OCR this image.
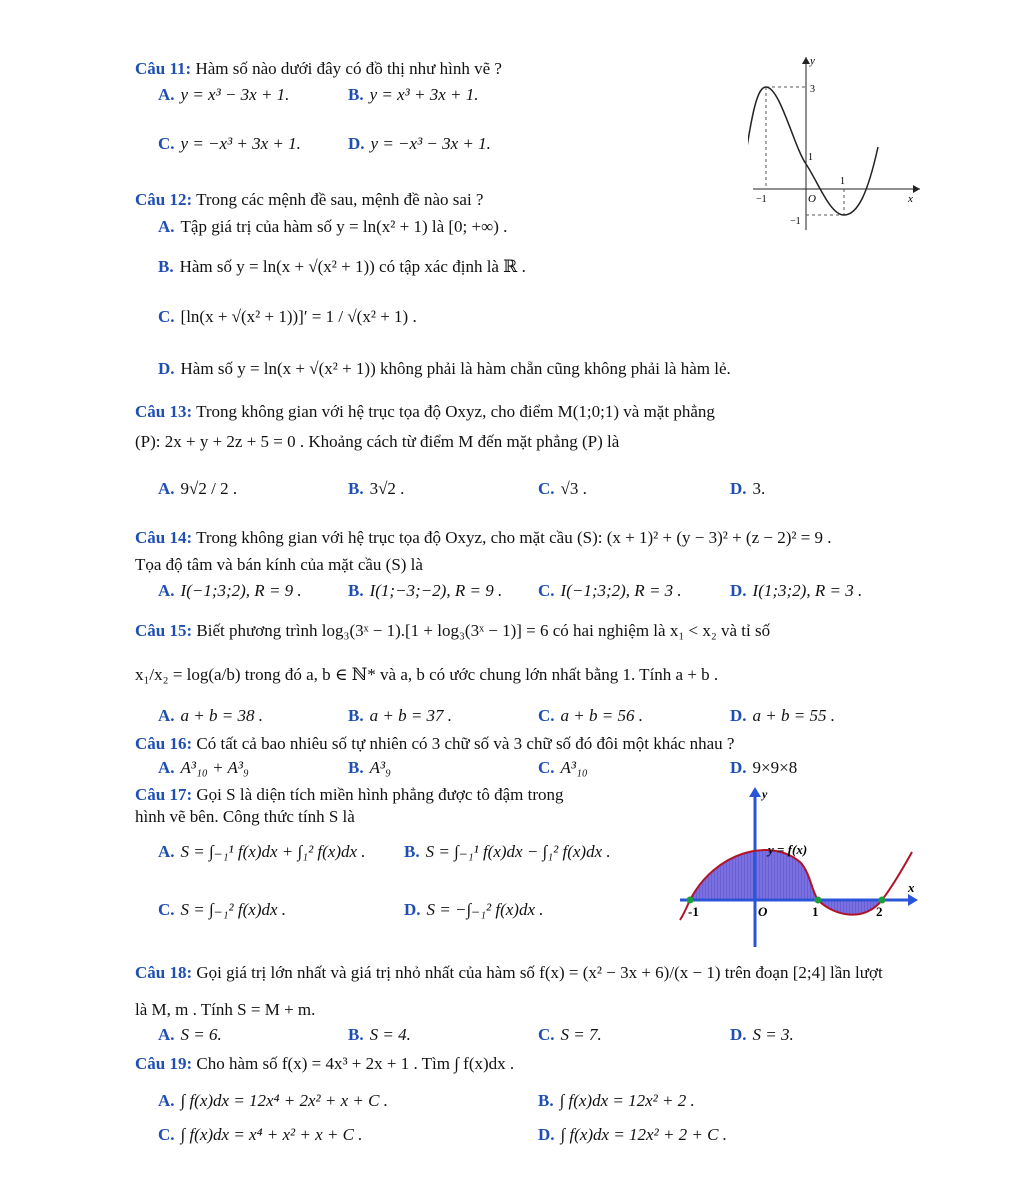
Câu 11: Hàm số nào dưới đây có đồ thị như hình vẽ ?
A. y = x³ − 3x + 1.	B. y = x³ + 3x + 1.
C. y = −x³ + 3x + 1.	D. y = −x³ − 3x + 1.
y
x
3
1
−1
1
−1
O
Câu 12: Trong các mệnh đề sau, mệnh đề nào sai ?
A. Tập giá trị của hàm số y = ln(x² + 1) là [0; +∞) .
B. Hàm số y = ln(x + √(x² + 1)) có tập xác định là ℝ .
C. [ln(x + √(x² + 1))]′ = 1 / √(x² + 1) .
D. Hàm số y = ln(x + √(x² + 1)) không phải là hàm chẵn cũng không phải là hàm lẻ.
Câu 13: Trong không gian với hệ trục tọa độ Oxyz, cho điểm M(1;0;1) và mặt phẳng
(P): 2x + y + 2z + 5 = 0 . Khoảng cách từ điểm M đến mặt phẳng (P) là
A. 9√2 / 2 .	B. 3√2 .	C. √3 .	D. 3.
Câu 14: Trong không gian với hệ trục tọa độ Oxyz, cho mặt cầu (S): (x + 1)² + (y − 3)² + (z − 2)² = 9 .
Tọa độ tâm và bán kính của mặt cầu (S) là
A. I(−1;3;2), R = 9 .	B. I(1;−3;−2), R = 9 . C. I(−1;3;2), R = 3 .	D. I(1;3;2), R = 3 .
Câu 15: Biết phương trình log₃(3ˣ − 1).[1 + log₃(3ˣ − 1)] = 6 có hai nghiệm là x₁ < x₂ và tỉ số
x₁/x₂ = log(a/b) trong đó a, b ∈ ℕ* và a, b có ước chung lớn nhất bằng 1. Tính a + b .
A. a + b = 38 .	B. a + b = 37 .	C. a + b = 56 .	D. a + b = 55 .
Câu 16: Có tất cả bao nhiêu số tự nhiên có 3 chữ số và 3 chữ số đó đôi một khác nhau ?
A. A³₁₀ + A³₉	B. A³₉	C. A³₁₀	D. 9×9×8
Câu 17: Gọi S là diện tích miền hình phẳng được tô đậm trong
hình vẽ bên. Công thức tính S là
A. S = ∫₋₁¹ f(x)dx + ∫₁² f(x)dx . B. S = ∫₋₁¹ f(x)dx − ∫₁² f(x)dx .
C. S = ∫₋₁² f(x)dx .	D. S = −∫₋₁² f(x)dx .
y
x
y = f(x)
-1	O	1	2
Câu 18: Gọi giá trị lớn nhất và giá trị nhỏ nhất của hàm số f(x) = (x² − 3x + 6)/(x − 1) trên đoạn [2;4] lần lượt
là M, m . Tính S = M + m.
A. S = 6.	B. S = 4.	C. S = 7.	D. S = 3.
Câu 19: Cho hàm số f(x) = 4x³ + 2x + 1 . Tìm ∫ f(x)dx .
A. ∫ f(x)dx = 12x⁴ + 2x² + x + C .	B. ∫ f(x)dx = 12x² + 2 .
C. ∫ f(x)dx = x⁴ + x² + x + C .	D. ∫ f(x)dx = 12x² + 2 + C .
